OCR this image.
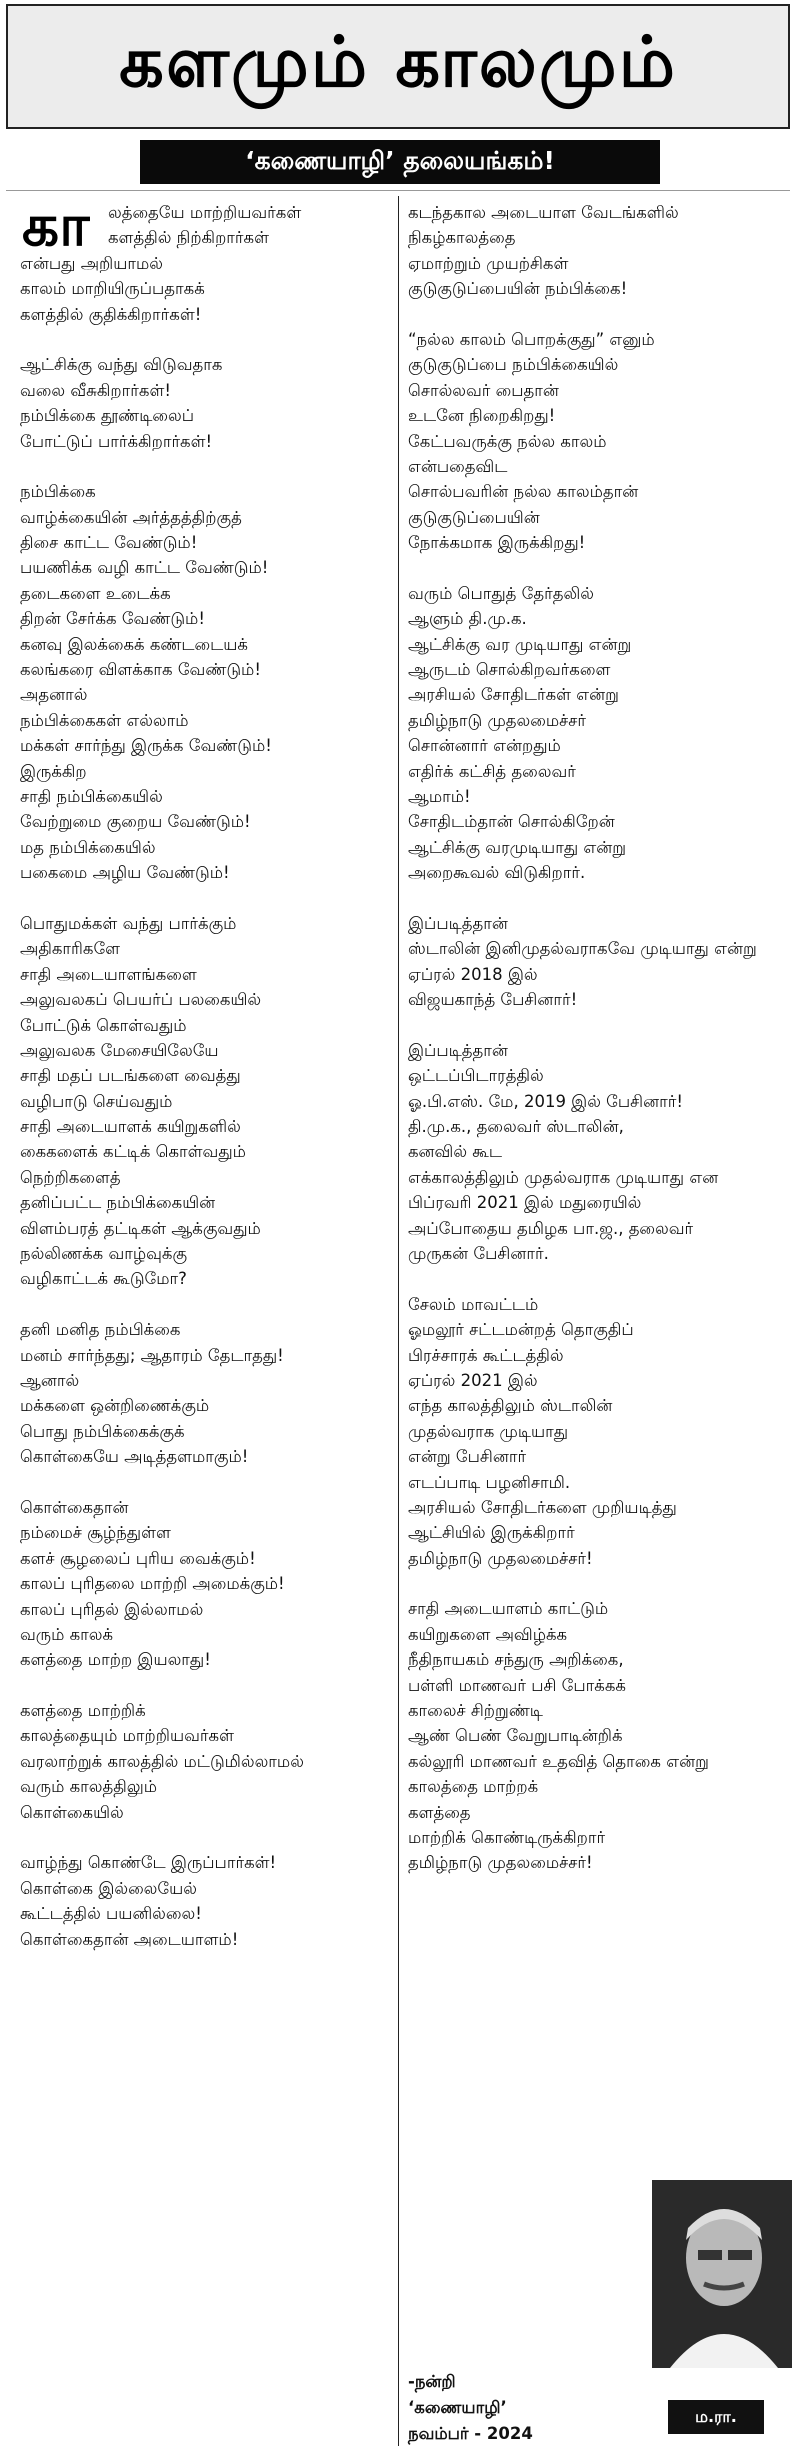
களமும் காலமும்
‘கணையாழி’ தலையங்கம்!
கா லத்தையே மாற்றியவர்கள்
களத்தில் நிற்கிறார்கள்
என்பது அறியாமல்
காலம் மாறியிருப்பதாகக்
களத்தில் குதிக்கிறார்கள்!
ஆட்சிக்கு வந்து விடுவதாக
வலை வீசுகிறார்கள்!
நம்பிக்கை தூண்டிலைப்
போட்டுப் பார்க்கிறார்கள்!
நம்பிக்கை
வாழ்க்கையின் அர்த்தத்திற்குத்
திசை காட்ட வேண்டும்!
பயணிக்க வழி காட்ட வேண்டும்!
தடைகளை உடைக்க
திறன் சேர்க்க வேண்டும்!
கனவு இலக்கைக் கண்டடையக்
கலங்கரை விளக்காக வேண்டும்!
அதனால்
நம்பிக்கைகள் எல்லாம்
மக்கள் சார்ந்து இருக்க வேண்டும்!
இருக்கிற
சாதி நம்பிக்கையில்
வேற்றுமை குறைய வேண்டும்!
மத நம்பிக்கையில்
பகைமை அழிய வேண்டும்!
பொதுமக்கள் வந்து பார்க்கும்
அதிகாரிகளே
சாதி அடையாளங்களை
அலுவலகப் பெயர்ப் பலகையில்
போட்டுக் கொள்வதும்
அலுவலக மேசையிலேயே
சாதி மதப் படங்களை வைத்து
வழிபாடு செய்வதும்
சாதி அடையாளக் கயிறுகளில்
கைகளைக் கட்டிக் கொள்வதும்
நெற்றிகளைத்
தனிப்பட்ட நம்பிக்கையின்
விளம்பரத் தட்டிகள் ஆக்குவதும்
நல்லிணக்க வாழ்வுக்கு
வழிகாட்டக் கூடுமோ?
தனி மனித நம்பிக்கை
மனம் சார்ந்தது; ஆதாரம் தேடாதது!
ஆனால்
மக்களை ஒன்றிணைக்கும்
பொது நம்பிக்கைக்குக்
கொள்கையே அடித்தளமாகும்!
கொள்கைதான்
நம்மைச் சூழ்ந்துள்ள
களச் சூழலைப் புரிய வைக்கும்!
காலப் புரிதலை மாற்றி அமைக்கும்!
காலப் புரிதல் இல்லாமல்
வரும் காலக்
களத்தை மாற்ற இயலாது!
களத்தை மாற்றிக்
காலத்தையும் மாற்றியவர்கள்
வரலாற்றுக் காலத்தில் மட்டுமில்லாமல்
வரும் காலத்திலும்
கொள்கையில்
வாழ்ந்து கொண்டே இருப்பார்கள்!
கொள்கை இல்லையேல்
கூட்டத்தில் பயனில்லை!
கொள்கைதான் அடையாளம்!
கடந்தகால அடையாள வேடங்களில்
நிகழ்காலத்தை
ஏமாற்றும் முயற்சிகள்
குடுகுடுப்பையின் நம்பிக்கை!
“நல்ல காலம் பொறக்குது” எனும்
குடுகுடுப்பை நம்பிக்கையில்
சொல்லவர் பைதான்
உடனே நிறைகிறது!
கேட்பவருக்கு நல்ல காலம்
என்பதைவிட
சொல்பவரின் நல்ல காலம்தான்
குடுகுடுப்பையின்
நோக்கமாக இருக்கிறது!
வரும் பொதுத் தேர்தலில்
ஆளும் தி.மு.க.
ஆட்சிக்கு வர முடியாது என்று
ஆருடம் சொல்கிறவர்களை
அரசியல் சோதிடர்கள் என்று
தமிழ்நாடு முதலமைச்சர்
சொன்னார் என்றதும்
எதிர்க் கட்சித் தலைவர்
ஆமாம்!
சோதிடம்தான் சொல்கிறேன்
ஆட்சிக்கு வரமுடியாது என்று
அறைகூவல் விடுகிறார்.
இப்படித்தான்
ஸ்டாலின் இனிமுதல்வராகவே முடியாது என்று
ஏப்ரல் 2018 இல்
விஜயகாந்த் பேசினார்!
இப்படித்தான்
ஒட்டப்பிடாரத்தில்
ஓ.பி.எஸ். மே, 2019 இல் பேசினார்!
தி.மு.க., தலைவர் ஸ்டாலின்,
கனவில் கூட
எக்காலத்திலும் முதல்வராக முடியாது என
பிப்ரவரி 2021 இல் மதுரையில்
அப்போதைய தமிழக பா.ஜ., தலைவர்
முருகன் பேசினார்.
சேலம் மாவட்டம்
ஓமலூர் சட்டமன்றத் தொகுதிப்
பிரச்சாரக் கூட்டத்தில்
ஏப்ரல் 2021 இல்
எந்த காலத்திலும் ஸ்டாலின்
முதல்வராக முடியாது
என்று பேசினார்
எடப்பாடி பழனிசாமி.
அரசியல் சோதிடர்களை முறியடித்து
ஆட்சியில் இருக்கிறார்
தமிழ்நாடு முதலமைச்சர்!
சாதி அடையாளம் காட்டும்
கயிறுகளை அவிழ்க்க
நீதிநாயகம் சந்துரு அறிக்கை,
பள்ளி மாணவர் பசி போக்கக்
காலைச் சிற்றுண்டி
ஆண் பெண் வேறுபாடின்றிக்
கல்லூரி மாணவர் உதவித் தொகை என்று
காலத்தை மாற்றக்
களத்தை
மாற்றிக் கொண்டிருக்கிறார்
தமிழ்நாடு முதலமைச்சர்!
-நன்றி
‘கணையாழி’
நவம்பர் - 2024
ம.ரா.
